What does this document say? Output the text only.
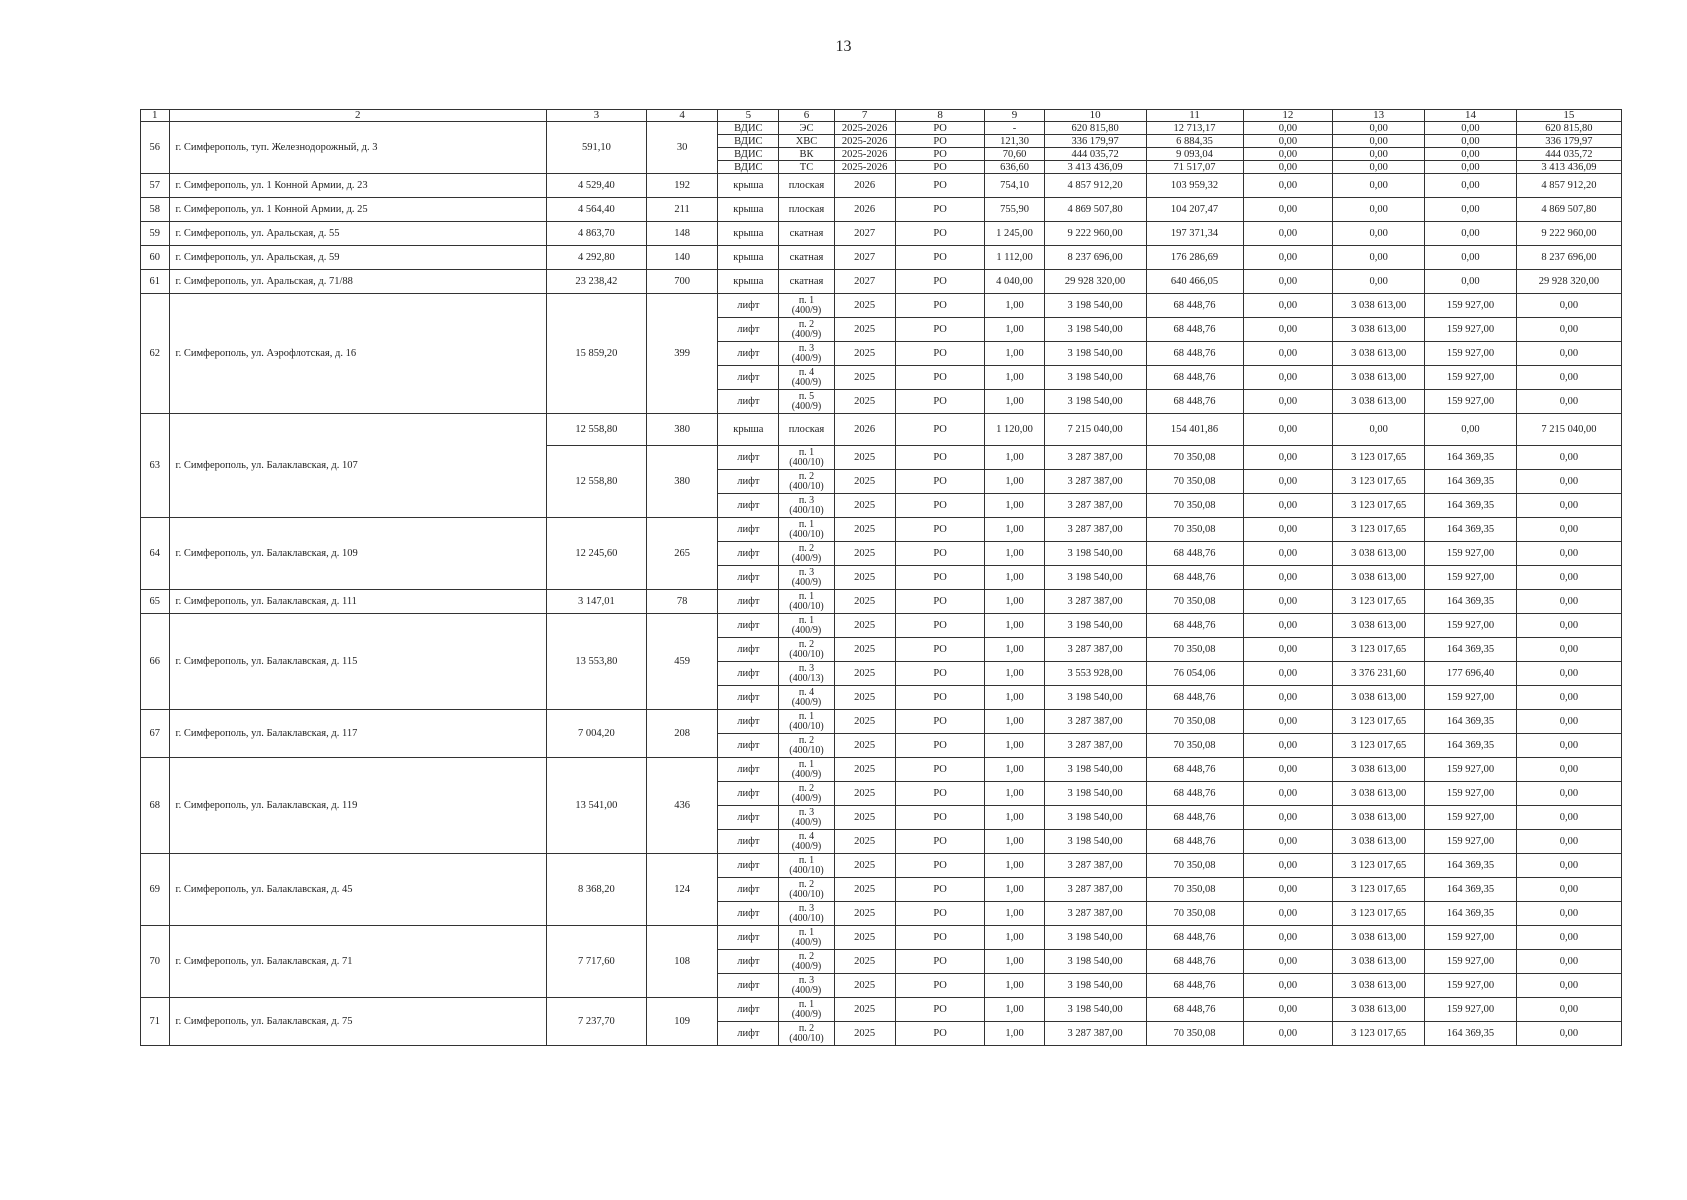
13
1	2	3	4	5	6	7	8	9	10	11	12	13	14	15
56	г. Симферополь, туп. Железнодорожный, д. 3	591,10	30	ВДИС	ЭС	2025-2026	РО	-	620 815,80	12 713,17	0,00	0,00	0,00	620 815,80
				ВДИС	ХВС	2025-2026	РО	121,30	336 179,97	6 884,35	0,00	0,00	0,00	336 179,97
				ВДИС	ВК	2025-2026	РО	70,60	444 035,72	9 093,04	0,00	0,00	0,00	444 035,72
				ВДИС	ТС	2025-2026	РО	636,60	3 413 436,09	71 517,07	0,00	0,00	0,00	3 413 436,09
57	г. Симферополь, ул. 1 Конной Армии, д. 23	4 529,40	192	крыша	плоская	2026	РО	754,10	4 857 912,20	103 959,32	0,00	0,00	0,00	4 857 912,20
58	г. Симферополь, ул. 1 Конной Армии, д. 25	4 564,40	211	крыша	плоская	2026	РО	755,90	4 869 507,80	104 207,47	0,00	0,00	0,00	4 869 507,80
59	г. Симферополь, ул. Аральская, д. 55	4 863,70	148	крыша	скатная	2027	РО	1 245,00	9 222 960,00	197 371,34	0,00	0,00	0,00	9 222 960,00
60	г. Симферополь, ул. Аральская, д. 59	4 292,80	140	крыша	скатная	2027	РО	1 112,00	8 237 696,00	176 286,69	0,00	0,00	0,00	8 237 696,00
61	г. Симферополь, ул. Аральская, д. 71/88	23 238,42	700	крыша	скатная	2027	РО	4 040,00	29 928 320,00	640 466,05	0,00	0,00	0,00	29 928 320,00
62	г. Симферополь, ул. Аэрофлотская, д. 16	15 859,20	399	лифт	п. 1
(400/9)	2025	РО	1,00	3 198 540,00	68 448,76	0,00	3 038 613,00	159 927,00	0,00
				лифт	п. 2
(400/9)	2025	РО	1,00	3 198 540,00	68 448,76	0,00	3 038 613,00	159 927,00	0,00
				лифт	п. 3
(400/9)	2025	РО	1,00	3 198 540,00	68 448,76	0,00	3 038 613,00	159 927,00	0,00
				лифт	п. 4
(400/9)	2025	РО	1,00	3 198 540,00	68 448,76	0,00	3 038 613,00	159 927,00	0,00
				лифт	п. 5
(400/9)	2025	РО	1,00	3 198 540,00	68 448,76	0,00	3 038 613,00	159 927,00	0,00
63	г. Симферополь, ул. Балаклавская, д. 107	12 558,80	380	крыша	плоская	2026	РО	1 120,00	7 215 040,00	154 401,86	0,00	0,00	0,00	7 215 040,00
		12 558,80	380	лифт	п. 1
(400/10)	2025	РО	1,00	3 287 387,00	70 350,08	0,00	3 123 017,65	164 369,35	0,00
				лифт	п. 2
(400/10)	2025	РО	1,00	3 287 387,00	70 350,08	0,00	3 123 017,65	164 369,35	0,00
				лифт	п. 3
(400/10)	2025	РО	1,00	3 287 387,00	70 350,08	0,00	3 123 017,65	164 369,35	0,00
64	г. Симферополь, ул. Балаклавская, д. 109	12 245,60	265	лифт	п. 1
(400/10)	2025	РО	1,00	3 287 387,00	70 350,08	0,00	3 123 017,65	164 369,35	0,00
				лифт	п. 2
(400/9)	2025	РО	1,00	3 198 540,00	68 448,76	0,00	3 038 613,00	159 927,00	0,00
				лифт	п. 3
(400/9)	2025	РО	1,00	3 198 540,00	68 448,76	0,00	3 038 613,00	159 927,00	0,00
65	г. Симферополь, ул. Балаклавская, д. 111	3 147,01	78	лифт	п. 1
(400/10)	2025	РО	1,00	3 287 387,00	70 350,08	0,00	3 123 017,65	164 369,35	0,00
66	г. Симферополь, ул. Балаклавская, д. 115	13 553,80	459	лифт	п. 1
(400/9)	2025	РО	1,00	3 198 540,00	68 448,76	0,00	3 038 613,00	159 927,00	0,00
				лифт	п. 2
(400/10)	2025	РО	1,00	3 287 387,00	70 350,08	0,00	3 123 017,65	164 369,35	0,00
				лифт	п. 3
(400/13)	2025	РО	1,00	3 553 928,00	76 054,06	0,00	3 376 231,60	177 696,40	0,00
				лифт	п. 4
(400/9)	2025	РО	1,00	3 198 540,00	68 448,76	0,00	3 038 613,00	159 927,00	0,00
67	г. Симферополь, ул. Балаклавская, д. 117	7 004,20	208	лифт	п. 1
(400/10)	2025	РО	1,00	3 287 387,00	70 350,08	0,00	3 123 017,65	164 369,35	0,00
				лифт	п. 2
(400/10)	2025	РО	1,00	3 287 387,00	70 350,08	0,00	3 123 017,65	164 369,35	0,00
68	г. Симферополь, ул. Балаклавская, д. 119	13 541,00	436	лифт	п. 1
(400/9)	2025	РО	1,00	3 198 540,00	68 448,76	0,00	3 038 613,00	159 927,00	0,00
				лифт	п. 2
(400/9)	2025	РО	1,00	3 198 540,00	68 448,76	0,00	3 038 613,00	159 927,00	0,00
				лифт	п. 3
(400/9)	2025	РО	1,00	3 198 540,00	68 448,76	0,00	3 038 613,00	159 927,00	0,00
				лифт	п. 4
(400/9)	2025	РО	1,00	3 198 540,00	68 448,76	0,00	3 038 613,00	159 927,00	0,00
69	г. Симферополь, ул. Балаклавская, д. 45	8 368,20	124	лифт	п. 1
(400/10)	2025	РО	1,00	3 287 387,00	70 350,08	0,00	3 123 017,65	164 369,35	0,00
				лифт	п. 2
(400/10)	2025	РО	1,00	3 287 387,00	70 350,08	0,00	3 123 017,65	164 369,35	0,00
				лифт	п. 3
(400/10)	2025	РО	1,00	3 287 387,00	70 350,08	0,00	3 123 017,65	164 369,35	0,00
70	г. Симферополь, ул. Балаклавская, д. 71	7 717,60	108	лифт	п. 1
(400/9)	2025	РО	1,00	3 198 540,00	68 448,76	0,00	3 038 613,00	159 927,00	0,00
				лифт	п. 2
(400/9)	2025	РО	1,00	3 198 540,00	68 448,76	0,00	3 038 613,00	159 927,00	0,00
				лифт	п. 3
(400/9)	2025	РО	1,00	3 198 540,00	68 448,76	0,00	3 038 613,00	159 927,00	0,00
71	г. Симферополь, ул. Балаклавская, д. 75	7 237,70	109	лифт	п. 1
(400/9)	2025	РО	1,00	3 198 540,00	68 448,76	0,00	3 038 613,00	159 927,00	0,00
				лифт	п. 2
(400/10)	2025	РО	1,00	3 287 387,00	70 350,08	0,00	3 123 017,65	164 369,35	0,00
